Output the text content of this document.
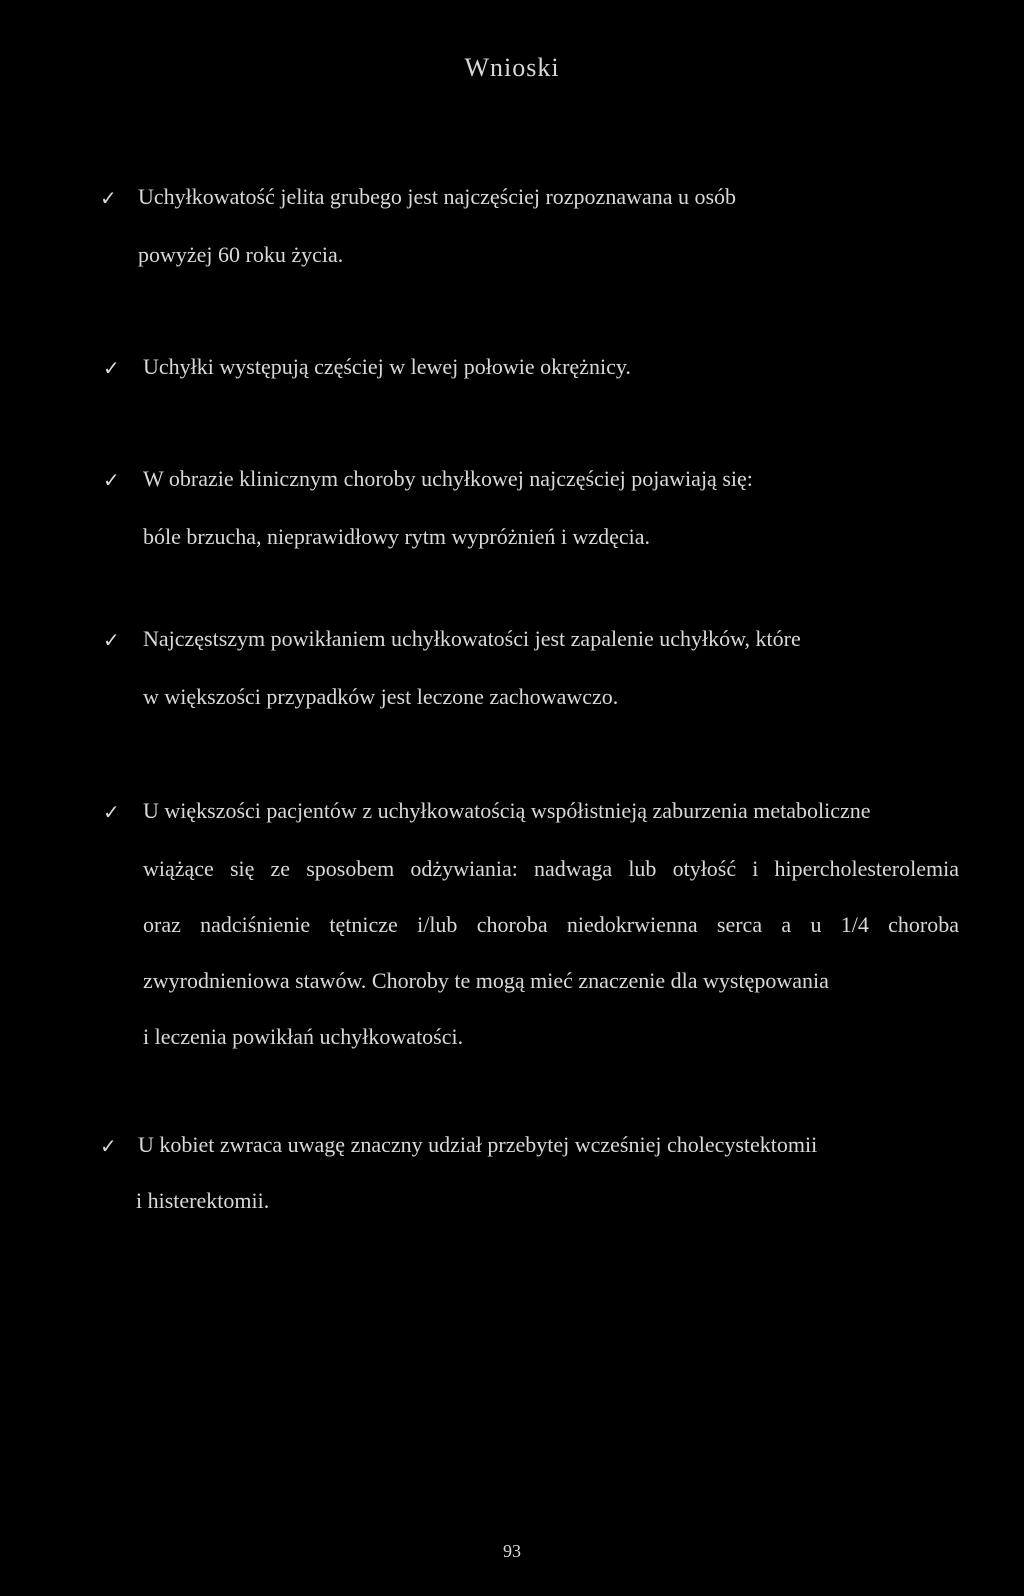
Wnioski
✓ Uchyłkowatość jelita grubego jest najczęściej rozpoznawana u osób
powyżej 60 roku życia.
✓ Uchyłki występują częściej w lewej połowie okrężnicy.
✓ W obrazie klinicznym choroby uchyłkowej najczęściej pojawiają się:
bóle brzucha, nieprawidłowy rytm wypróżnień i wzdęcia.
✓ Najczęstszym powikłaniem uchyłkowatości jest zapalenie uchyłków, które
w większości przypadków jest leczone zachowawczo.
✓ U większości pacjentów z uchyłkowatością współistnieją zaburzenia metaboliczne
wiążące się ze sposobem odżywiania: nadwaga lub otyłość i hipercholesterolemia
oraz nadciśnienie tętnicze i/lub choroba niedokrwienna serca a u 1/4 choroba
zwyrodnieniowa stawów. Choroby te mogą mieć znaczenie dla występowania
i leczenia powikłań uchyłkowatości.
✓ U kobiet zwraca uwagę znaczny udział przebytej wcześniej cholecystektomii
i histerektomii.
93
